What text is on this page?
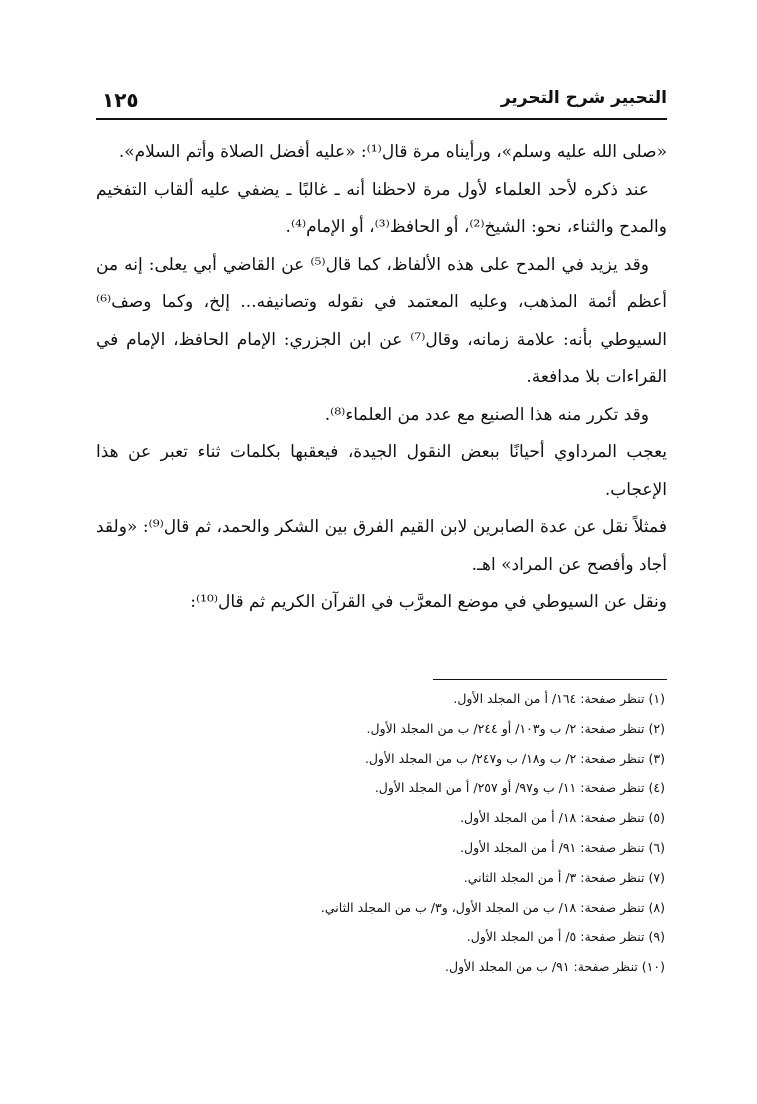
١٢٥	التحبير شرح التحرير

«صلى الله عليه وسلم»، ورأيناه مرة قال⁽¹⁾: «عليه أفضل الصلاة وأتم السلام».

عند ذكره لأحد العلماء لأول مرة لاحظنا أنه ـ غالبًا ـ يضفي عليه ألقاب التفخيم والمدح والثناء، نحو: الشيخ⁽²⁾، أو الحافظ⁽³⁾، أو الإمام⁽⁴⁾.

وقد يزيد في المدح على هذه الألفاظ، كما قال⁽⁵⁾ عن القاضي أبي يعلى: إنه من أعظم أئمة المذهب، وعليه المعتمد في نقوله وتصانيفه... إلخ، وكما وصف⁽⁶⁾ السيوطي بأنه: علامة زمانه، وقال⁽⁷⁾ عن ابن الجزري: الإمام الحافظ، الإمام في القراءات بلا مدافعة.

وقد تكرر منه هذا الصنيع مع عدد من العلماء⁽⁸⁾.

يعجب المرداوي أحيانًا ببعض النقول الجيدة، فيعقبها بكلمات ثناء تعبر عن هذا الإعجاب.

فمثلاً نقل عن عدة الصابرين لابن القيم الفرق بين الشكر والحمد، ثم قال⁽⁹⁾: «ولقد أجاد وأفصح عن المراد» اهـ.

ونقل عن السيوطي في موضع المعرَّب في القرآن الكريم ثم قال⁽¹⁰⁾:

(١) تنظر صفحة: ١٦٤/ أ من المجلد الأول.

(٢) تنظر صفحة: ٢/ ب و١٠٣/ أو ٢٤٤/ ب من المجلد الأول.

(٣) تنظر صفحة: ٢/ ب و١٨/ ب و٢٤٧/ ب من المجلد الأول.

(٤) تنظر صفحة: ١١/ ب و٩٧/ أو ٢٥٧/ أ من المجلد الأول.

(٥) تنظر صفحة: ١٨/ أ من المجلد الأول.

(٦) تنظر صفحة: ٩١/ أ من المجلد الأول.

(٧) تنظر صفحة: ٣/ أ من المجلد الثاني.

(٨) تنظر صفحة: ١٨/ ب من المجلد الأول، و٣/ ب من المجلد الثاني.

(٩) تنظر صفحة: ٥/ أ من المجلد الأول.

(١٠) تنظر صفحة: ٩١/ ب من المجلد الأول.
